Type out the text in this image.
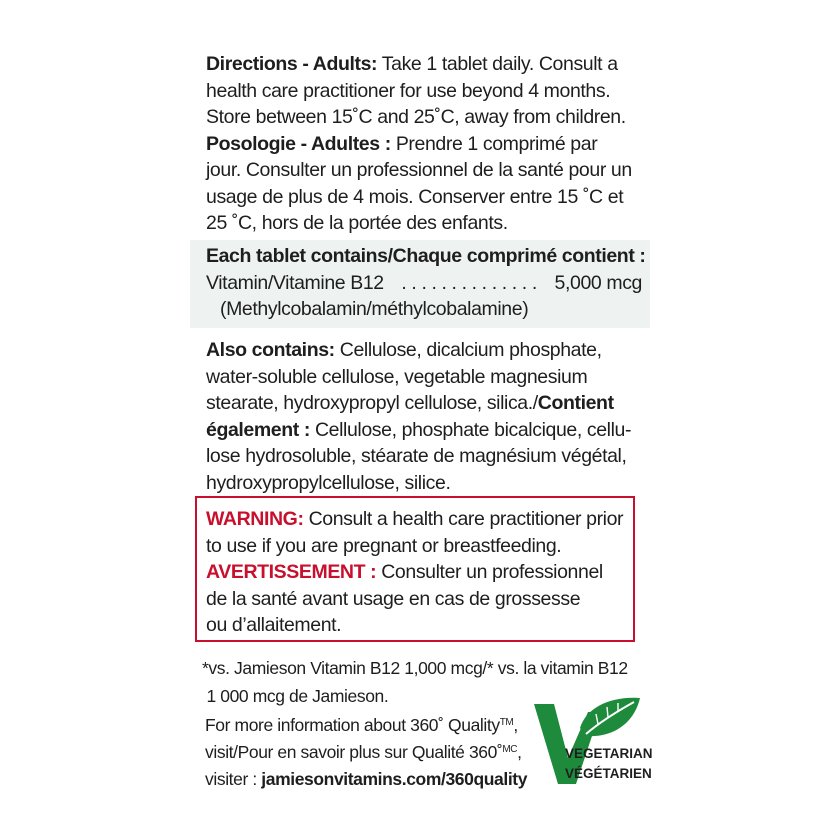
Directions - Adults: Take 1 tablet daily. Consult a
health care practitioner for use beyond 4 months.
Store between 15˚C and 25˚C, away from children.
Posologie - Adultes : Prendre 1 comprimé par
jour. Consulter un professionnel de la santé pour un
usage de plus de 4 mois. Conserver entre 15 ˚C et
25 ˚C, hors de la portée des enfants.
Each tablet contains/Chaque comprimé contient :
Vitamin/Vitamine B12 . . . . . . . . . . . . . . 5,000 mcg
(Methylcobalamin/méthylcobalamine)
Also contains: Cellulose, dicalcium phosphate,
water-soluble cellulose, vegetable magnesium
stearate, hydroxypropyl cellulose, silica./Contient
également : Cellulose, phosphate bicalcique, cellu-
lose hydrosoluble, stéarate de magnésium végétal,
hydroxypropylcellulose, silice.
WARNING: Consult a health care practitioner prior
to use if you are pregnant or breastfeeding.
AVERTISSEMENT : Consulter un professionnel
de la santé avant usage en cas de grossesse
ou d’allaitement.
*vs. Jamieson Vitamin B12 1,000 mcg/* vs. la vitamin B12
1 000 mcg de Jamieson.
For more information about 360˚ Quality™,
visit/Pour en savoir plus sur Qualité 360˚$^{MC}$,
visiter : jamiesonvitamins.com/360quality
VEGETARIAN
VÉGÉTARIEN
